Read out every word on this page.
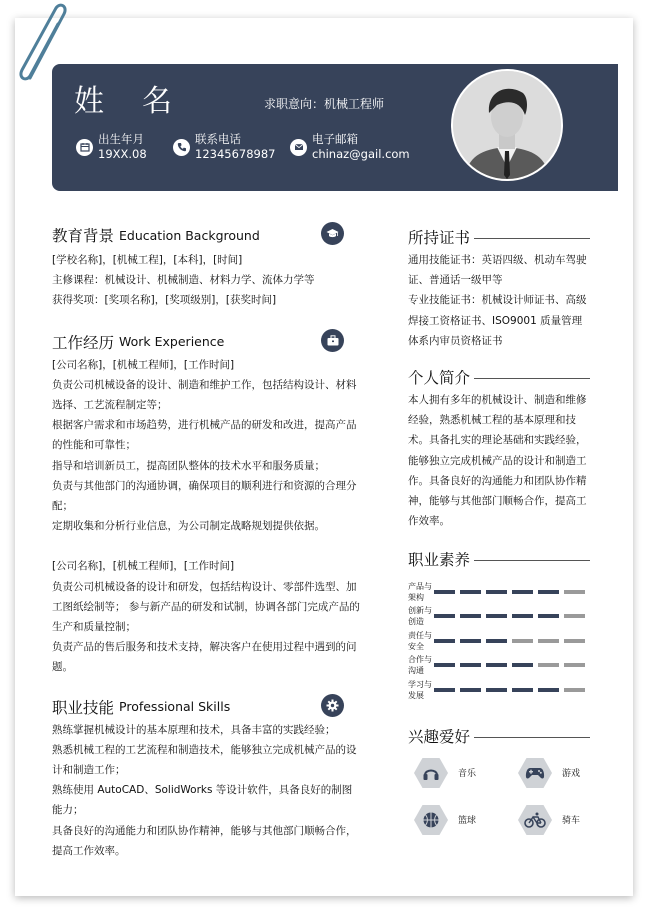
姓名	求职意向：机械工程师
出生年月
19XX.08
联系电话
12345678987
电子邮箱
chinaz@gail.com
教育背景 Education Background
[学校名称]，[机械工程]，[本科]，[时间]
主修课程：机械设计、机械制造、材料力学、流体力学等
获得奖项：[奖项名称]，[奖项级别]，[获奖时间]
工作经历 Work Experience
[公司名称]，[机械工程师]，[工作时间]
负责公司机械设备的设计、制造和维护工作，包括结构设计、材料选择、工艺流程制定等；
根据客户需求和市场趋势，进行机械产品的研发和改进，提高产品的性能和可靠性；
指导和培训新员工，提高团队整体的技术水平和服务质量；
负责与其他部门的沟通协调，确保项目的顺利进行和资源的合理分配；
定期收集和分析行业信息，为公司制定战略规划提供依据。
[公司名称]，[机械工程师]，[工作时间]
负责公司机械设备的设计和研发，包括结构设计、零部件选型、加工图纸绘制等； 参与新产品的研发和试制，协调各部门完成产品的生产和质量控制；
负责产品的售后服务和技术支持，解决客户在使用过程中遇到的问题。
职业技能 Professional Skills
熟练掌握机械设计的基本原理和技术，具备丰富的实践经验；
熟悉机械工程的工艺流程和制造技术，能够独立完成机械产品的设计和制造工作；
熟练使用 AutoCAD、SolidWorks 等设计软件，具备良好的制图能力；
具备良好的沟通能力和团队协作精神，能够与其他部门顺畅合作，提高工作效率。
所持证书
通用技能证书：英语四级、机动车驾驶证、普通话一级甲等
专业技能证书：机械设计师证书、高级焊接工资格证书、ISO9001 质量管理体系内审员资格证书
个人简介
本人拥有多年的机械设计、制造和维修经验，熟悉机械工程的基本原理和技术。具备扎实的理论基础和实践经验，能够独立完成机械产品的设计和制造工作。具备良好的沟通能力和团队协作精神，能够与其他部门顺畅合作，提高工作效率。
职业素养
产品与架构
创新与创造
责任与安全
合作与沟通
学习与发展
兴趣爱好
音乐	游戏
篮球	骑车
